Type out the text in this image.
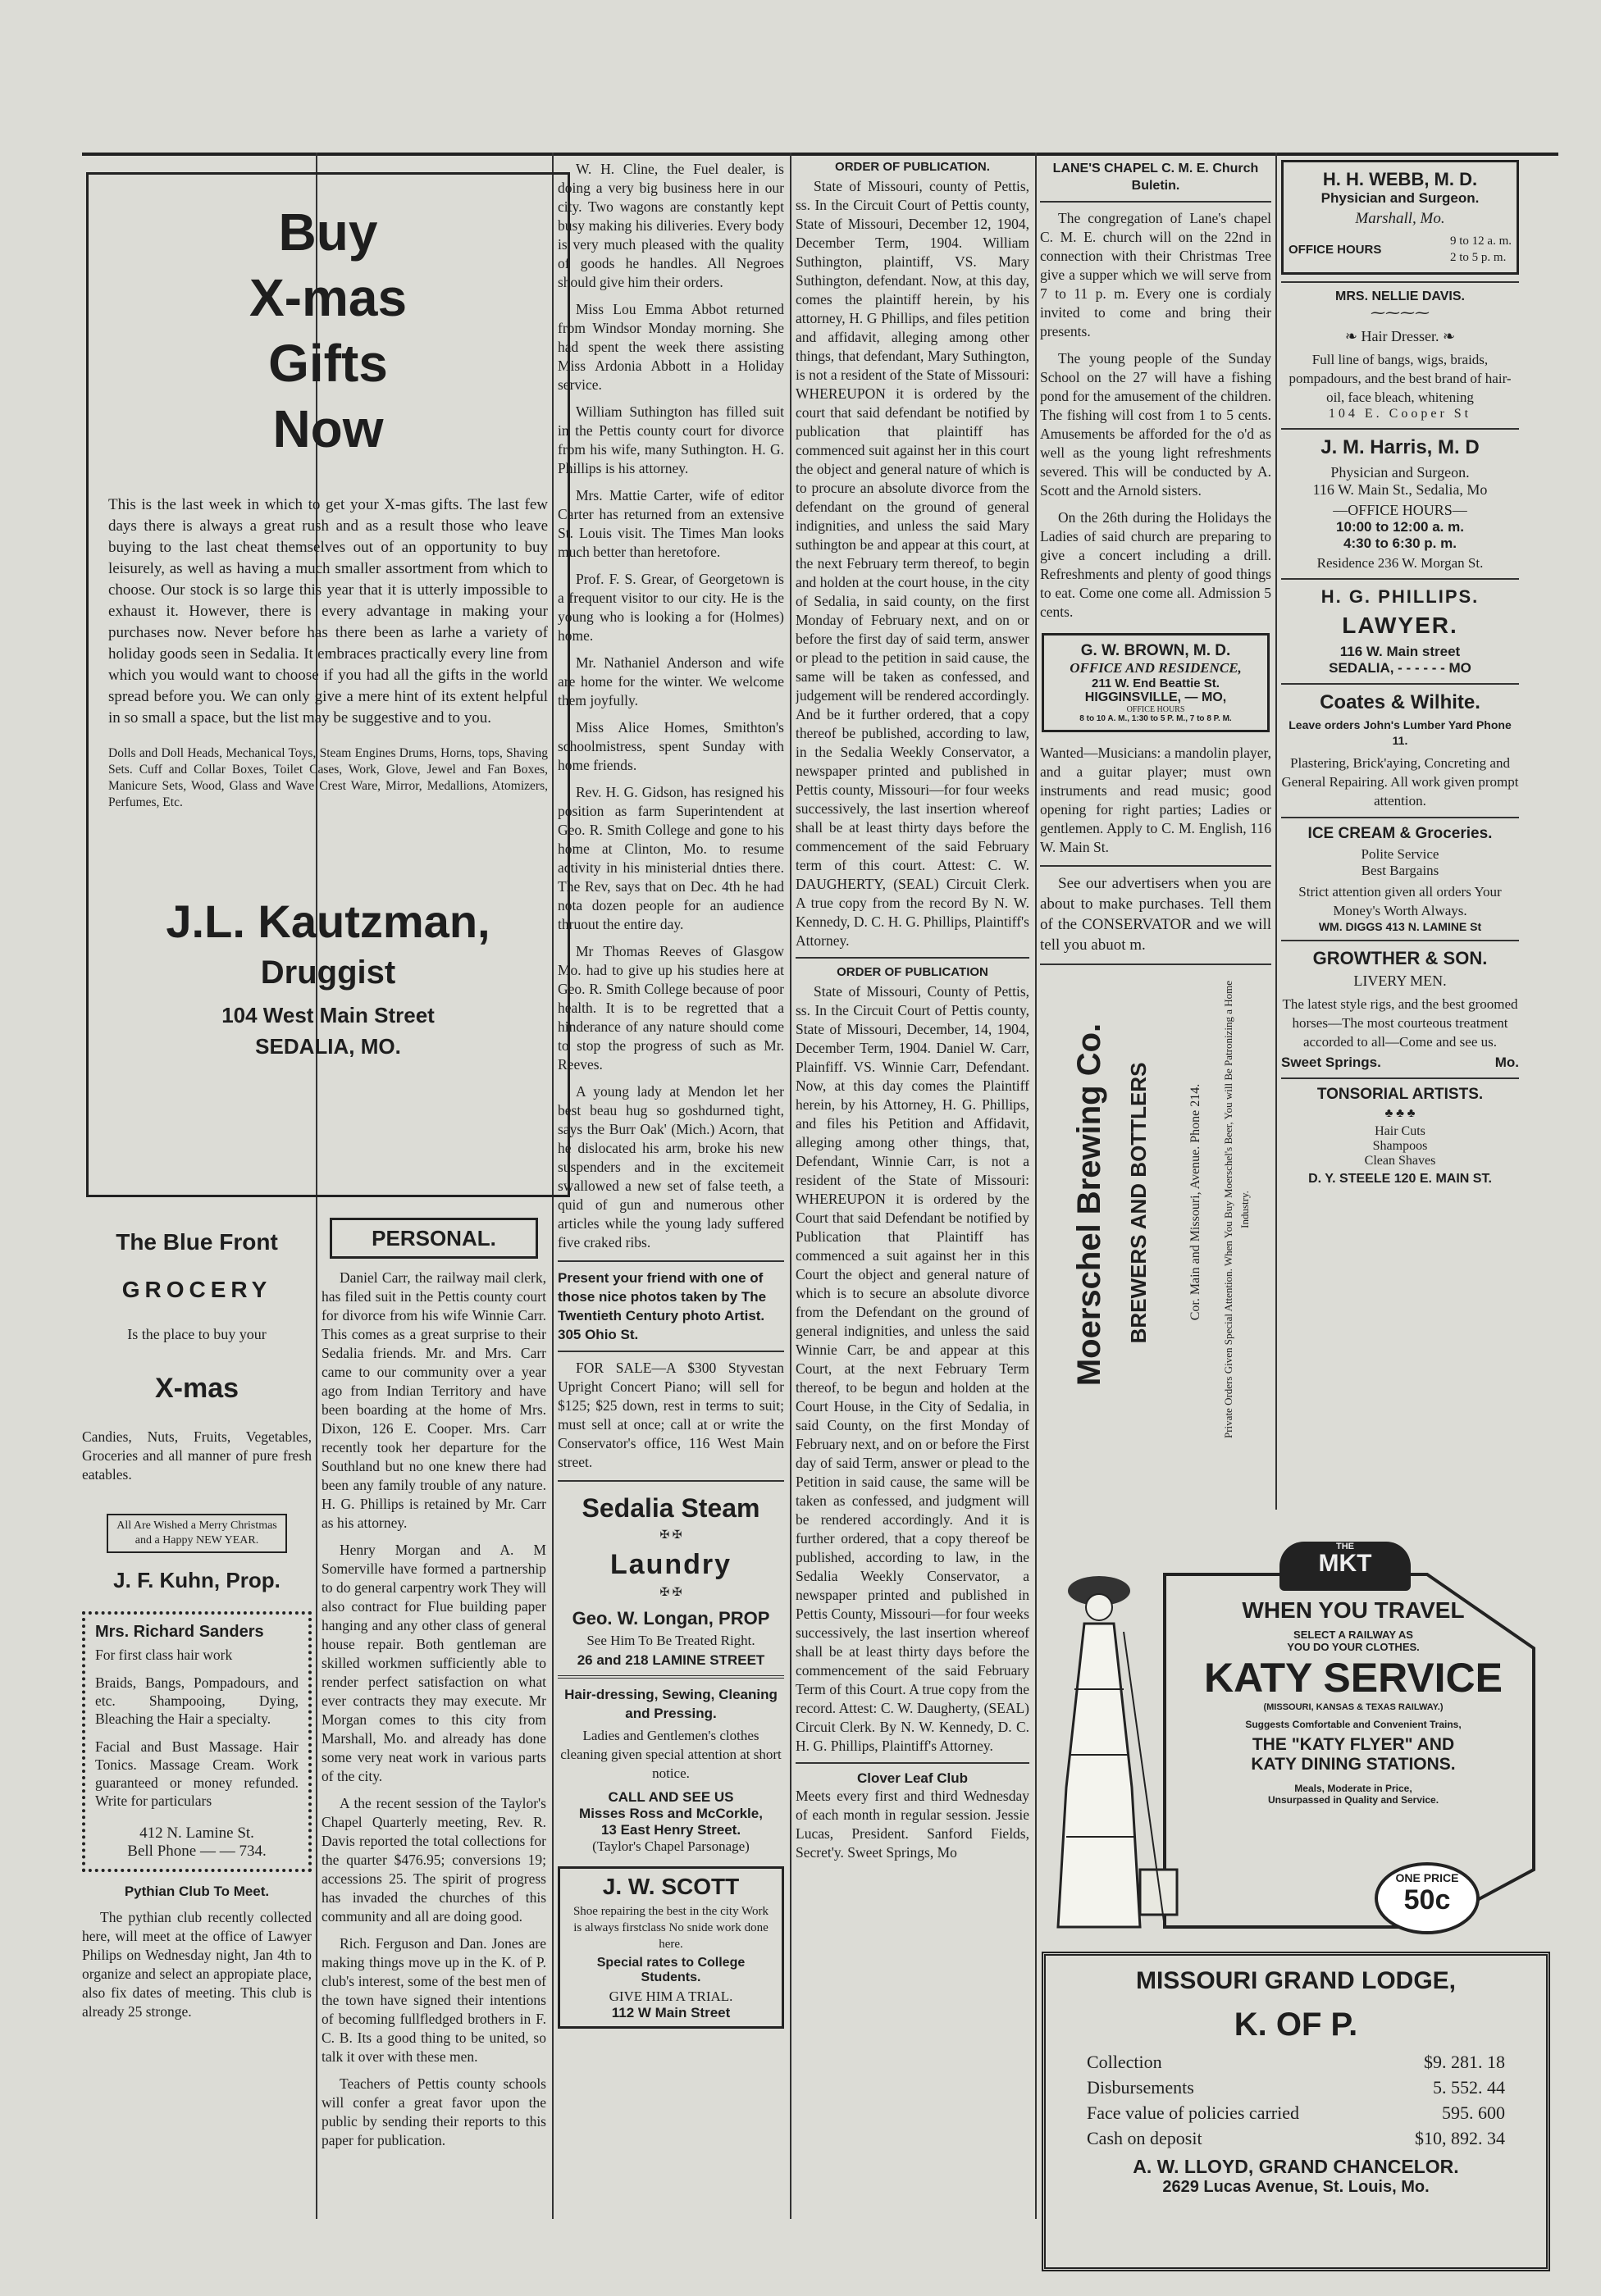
Buy
X-mas
Gifts
Now
This is the last week in which to get your X-mas gifts. The last few days there is always a great rush and as a result those who leave buying to the last cheat themselves out of an opportunity to buy leisurely, as well as having a much smaller assortment from which to choose. Our stock is so large this year that it is utterly impossible to exhaust it. However, there is every advantage in making your purchases now. Never before has there been as larhe a variety of holiday goods seen in Sedalia. It embraces practically every line from which you would want to choose if you had all the gifts in the world spread before you. We can only give a mere hint of its extent helpful in so small a space, but the list may be suggestive and to you.
Dolls and Doll Heads, Mechanical Toys, Steam Engines Drums, Horns, tops, Shaving Sets. Cuff and Collar Boxes, Toilet Cases, Work, Glove, Jewel and Fan Boxes, Manicure Sets, Wood, Glass and Wave Crest Ware, Mirror, Medallions, Atomizers, Perfumes, Etc.
J.L. Kautzman,
Druggist
104 West Main Street
SEDALIA, MO.
The Blue Front
GROCERY
Is the place to buy your
X-mas
Candies, Nuts, Fruits, Vegetables, Groceries and all manner of pure fresh eatables.
All Are Wished a Merry Christmas and a Happy NEW YEAR.
J. F. Kuhn, Prop.
Mrs. Richard Sanders
For first class hair work
Braids, Bangs, Pompadours, and etc. Shampooing, Dying, Bleaching the Hair a specialty.
Facial and Bust Massage. Hair Tonics. Massage Cream. Work guaranteed or money refunded. Write for particulars
412 N. Lamine St.
Bell Phone — — 734.
Pythian Club To Meet.
The pythian club recently collected here, will meet at the office of Lawyer Philips on Wednesday night, Jan 4th to organize and select an appropiate place, also fix dates of meeting. This club is already 25 stronge.
PERSONAL.

Daniel Carr, the railway mail clerk, has filed suit in the Pettis county court for divorce from his wife Winnie Carr. This comes as a great surprise to their Sedalia friends. Mr. and Mrs. Carr came to our community over a year ago from Indian Territory and have been boarding at the home of Mrs. Dixon, 126 E. Cooper. Mrs. Carr recently took her departure for the Southland but no one knew there had been any family trouble of any nature. H. G. Phillips is retained by Mr. Carr as his attorney.

Henry Morgan and A. M Somerville have formed a partnership to do general carpentry work They will also contract for Flue building paper hanging and any other class of general house repair. Both gentleman are skilled workmen sufficiently able to render perfect satisfaction on what ever contracts they may execute. Mr Morgan comes to this city from Marshall, Mo. and already has done some very neat work in various parts of the city.

A the recent session of the Taylor's Chapel Quarterly meeting, Rev. R. Davis reported the total collections for the quarter $476.95; conversions 19; accessions 25. The spirit of progress has invaded the churches of this community and all are doing good.

Rich. Ferguson and Dan. Jones are making things move up in the K. of P. club's interest, some of the best men of the town have signed their intentions of becoming fullfledged brothers in F. C. B. Its a good thing to be united, so talk it over with these men.

Teachers of Pettis county schools will confer a great favor upon the public by sending their reports to this paper for publication.

W. H. Cline, the Fuel dealer, is doing a very big business here in our city. Two wagons are constantly kept busy making his diliveries. Every body is very much pleased with the quality of goods he handles. All Negroes should give him their orders.

Miss Lou Emma Abbot returned from Windsor Monday morning. She had spent the week there assisting Miss Ardonia Abbott in a Holiday service.

William Suthington has filled suit in the Pettis county court for divorce from his wife, many Suthington. H. G. Phillips is his attorney.

Mrs. Mattie Carter, wife of editor Carter has returned from an extensive St. Louis visit. The Times Man looks much better than heretofore.

Prof. F. S. Grear, of Georgetown is a frequent visitor to our city. He is the young who is looking a for (Holmes) home.

Mr. Nathaniel Anderson and wife are home for the winter. We welcome them joyfully.

Miss Alice Homes, Smithton's schoolmistress, spent Sunday with home friends.

Rev. H. G. Gidson, has resigned his position as farm Superintendent at Geo. R. Smith College and gone to his home at Clinton, Mo. to resume activity in his ministerial dnties there. The Rev, says that on Dec. 4th he had nota dozen people for an audience thruout the entire day.

Mr Thomas Reeves of Glasgow Mo. had to give up his studies here at Geo. R. Smith College because of poor health. It is to be regretted that a hinderance of any nature should come to stop the progress of such as Mr. Reeves.

A young lady at Mendon let her best beau hug so goshdurned tight, says the Burr Oak' (Mich.) Acorn, that he dislocated his arm, broke his new suspenders and in the excitemeit swallowed a new set of false teeth, a quid of gun and numerous other articles while the young lady suffered five craked ribs.

Present your friend with one of those nice photos taken by The Twentieth Century photo Artist. 305 Ohio St.

FOR SALE—A $300 Styvestan Upright Concert Piano; will sell for $125; $25 down, rest in terms to suit; must sell at once; call at or write the Conservator's office, 116 West Main street.

Sedalia Steam
✠ ✠
Laundry
✠ ✠
Geo. W. Longan, PROP
See Him To Be Treated Right.
26 and 218 LAMINE STREET
Hair-dressing, Sewing, Cleaning and Pressing.
Ladies and Gentlemen's clothes cleaning given special attention at short notice.
CALL AND SEE US
Misses Ross and McCorkle,
13 East Henry Street.
(Taylor's Chapel Parsonage)
J. W. SCOTT
Shoe repairing the best in the city Work is always firstclass No snide work done here.
Special rates to College Students.
GIVE HIM A TRIAL.
112 W Main Street
ORDER OF PUBLICATION.
State of Missouri, county of Pettis, ss. In the Circuit Court of Pettis county, State of Missouri, December 12, 1904, December Term, 1904. William Suthington, plaintiff, VS. Mary Suthington, defendant. Now, at this day, comes the plaintiff herein, by his attorney, H. G Phillips, and files petition and affidavit, alleging among other things, that defendant, Mary Suthington, is not a resident of the State of Missouri: WHEREUPON it is ordered by the court that said defendant be notified by publication that plaintiff has commenced suit against her in this court the object and general nature of which is to procure an absolute divorce from the defendant on the ground of general indignities, and unless the said Mary suthington be and appear at this court, at the next February term thereof, to begin and holden at the court house, in the city of Sedalia, in said county, on the first Monday of February next, and on or before the first day of said term, answer or plead to the petition in said cause, the same will be taken as confessed, and judgement will be rendered accordingly. And be it further ordered, that a copy thereof be published, according to law, in the Sedalia Weekly Conservator, a newspaper printed and published in Pettis county, Missouri—for four weeks successively, the last insertion whereof shall be at least thirty days before the commencement of the said February term of this court. Attest: C. W. DAUGHERTY, (SEAL) Circuit Clerk. A true copy from the record By N. W. Kennedy, D. C. H. G. Phillips, Plaintiff's Attorney.
ORDER OF PUBLICATION
State of Missouri, County of Pettis, ss. In the Circuit Court of Pettis county, State of Missouri, December, 14, 1904, December Term, 1904. Daniel W. Carr, Plainfiff. VS. Winnie Carr, Defendant. Now, at this day comes the Plaintiff herein, by his Attorney, H. G. Phillips, and files his Petition and Affidavit, alleging among other things, that, Defendant, Winnie Carr, is not a resident of the State of Missouri: WHEREUPON it is ordered by the Court that said Defendant be notified by Publication that Plaintiff has commenced a suit against her in this Court the object and general nature of which is to secure an absolute divorce from the Defendant on the ground of general indignities, and unless the said Winnie Carr, be and appear at this Court, at the next February Term thereof, to be begun and holden at the Court House, in the City of Sedalia, in said County, on the first Monday of February next, and on or before the First day of said Term, answer or plead to the Petition in said cause, the same will be taken as confessed, and judgment will be rendered accordingly. And it is further ordered, that a copy thereof be published, according to law, in the Sedalia Weekly Conservator, a newspaper printed and published in Pettis County, Missouri—for four weeks successively, the last insertion whereof shall be at least thirty days before the commencement of the said February Term of this Court. A true copy from the record. Attest: C. W. Daugherty, (SEAL) Circuit Clerk. By N. W. Kennedy, D. C. H. G. Phillips, Plaintiff's Attorney.
Clover Leaf Club
Meets every first and third Wednesday of each month in regular session. Jessie Lucas, President. Sanford Fields, Secret'y. Sweet Springs, Mo
LANE'S CHAPEL C. M. E. Church Buletin.

The congregation of Lane's chapel C. M. E. church will on the 22nd in connection with their Christmas Tree give a supper which we will serve from 7 to 11 p. m. Every one is cordialy invited to come and bring their presents.

The young people of the Sunday School on the 27 will have a fishing pond for the amusement of the children. The fishing will cost from 1 to 5 cents. Amusements be afforded for the o'd as well as the young light refreshments severed. This will be conducted by A. Scott and the Arnold sisters.

On the 26th during the Holidays the Ladies of said church are preparing to give a concert including a drill. Refreshments and plenty of good things to eat. Come one come all. Admission 5 cents.

G. W. BROWN, M. D.
OFFICE AND RESIDENCE,
211 W. End Beattie St.
HIGGINSVILLE, — MO,
OFFICE HOURS
8 to 10 A. M., 1:30 to 5 P. M., 7 to 8 P. M.

Wanted—Musicians: a mandolin player, and a guitar player; must own instruments and read music; good opening for right parties; Ladies or gentlemen. Apply to C. M. English, 116 W. Main St.

See our advertisers when you are about to make purchases. Tell them of the CONSERVATOR and we will tell you abuot m.

Moerschel Brewing Co. BREWERS AND BOTTLERS	Cor. Main and Missouri, Avenue. Phone 214. Private Orders Given Special Attention. When You Buy Moerschel's Beer, You will Be Patronizing a Home Industry.
H. H. WEBB, M. D.
Physician and Surgeon.
Marshall, Mo.
OFFICE HOURS
9 to 12 a. m.
2 to 5 p. m.
MRS. NELLIE DAVIS.
⁓⁓⁓⁓
❧ Hair Dresser. ❧
Full line of bangs, wigs, braids, pompadours, and the best brand of hair-oil, face bleach, whitening
104 E. Cooper St
J. M. Harris, M. D
Physician and Surgeon.
116 W. Main St., Sedalia, Mo
—OFFICE HOURS—
10:00 to 12:00 a. m.
4:30 to 6:30 p. m.
Residence 236 W. Morgan St.
H. G. PHILLIPS.
LAWYER.
116 W. Main street
SEDALIA, - - - - - - MO
Coates & Wilhite.
Leave orders John's Lumber Yard Phone 11.
Plastering, Brick'aying, Concreting and General Repairing. All work given prompt attention.
ICE CREAM & Groceries.
Polite Service
Best Bargains
Strict attention given all orders Your Money's Worth Always.
WM. DIGGS 413 N. LAMINE St
GROWTHER & SON.
LIVERY MEN.
The latest style rigs, and the best groomed horses—The most courteous treatment accorded to all—Come and see us.
Sweet Springs.	Mo.
TONSORIAL ARTISTS.
♣ ♣ ♣
Hair Cuts
Shampoos
Clean Shaves
D. Y. STEELE 120 E. MAIN ST.
THE
MKT
WHEN YOU TRAVEL
SELECT A RAILWAY AS
YOU DO YOUR CLOTHES.
KATY SERVICE
(MISSOURI, KANSAS & TEXAS RAILWAY.)
Suggests Comfortable and Convenient Trains,
THE "KATY FLYER" AND
KATY DINING STATIONS.
Meals, Moderate in Price,
Unsurpassed in Quality and Service.
ONE PRICE
50c
MISSOURI GRAND LODGE,
K. OF P.
Collection	$9. 281. 18
Disbursements	5. 552. 44
Face value of policies carried	595. 600
Cash on deposit	$10, 892. 34
A. W. LLOYD, GRAND CHANCELOR.
2629 Lucas Avenue, St. Louis, Mo.
